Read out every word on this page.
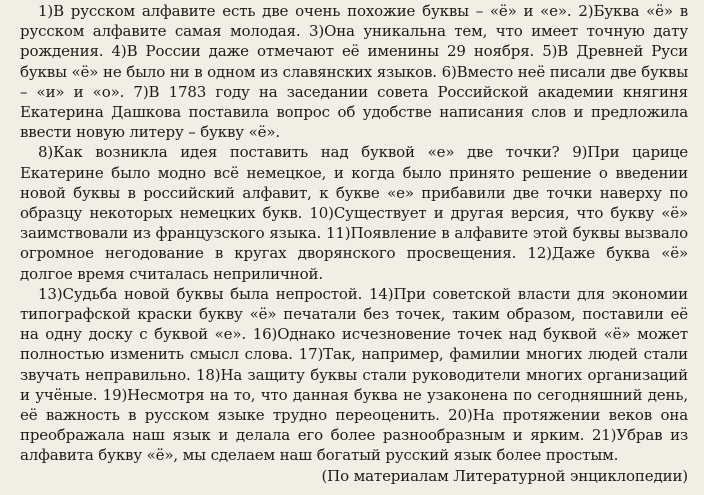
1)В русском алфавите есть две очень похожие буквы – «ё» и «е». 2)Буква «ё» в русском алфавите самая молодая. 3)Она уникальна тем, что имеет точную дату рождения. 4)В России даже отмечают её именины 29 ноября. 5)В Древней Руси буквы «ё» не было ни в одном из славянских языков. 6)Вместо неё писали две буквы – «и» и «о». 7)В 1783 году на заседании совета Российской академии княгиня Екатерина Дашкова поставила вопрос об удобстве написания слов и предложила ввести новую литеру – букву «ё».

8)Как возникла идея поставить над буквой «е» две точки? 9)При царице Екатерине было модно всё немецкое, и когда было принято решение о введении новой буквы в российский алфавит, к букве «е» прибавили две точки наверху по образцу некоторых немецких букв. 10)Существует и другая версия, что букву «ё» заимствовали из французского языка. 11)Появление в алфавите этой буквы вызвало огромное негодование в кругах дворянского просвещения. 12)Даже буква «ё» долгое время считалась неприличной.

13)Судьба новой буквы была непростой. 14)При советской власти для экономии типографской краски букву «ё» печатали без точек, таким образом, поставили её на одну доску с буквой «е». 16)Однако исчезновение точек над буквой «ё» может полностью изменить смысл слова. 17)Так, например, фамилии многих людей стали звучать неправильно. 18)На защиту буквы стали руководители многих организаций и учёные. 19)Несмотря на то, что данная буква не узаконена по сегодняшний день, её важность в русском языке трудно переоценить. 20)На протяжении веков она преображала наш язык и делала его более разнообразным и ярким. 21)Убрав из алфавита букву «ё», мы сделаем наш богатый русский язык более простым.

(По материалам Литературной энциклопедии)
